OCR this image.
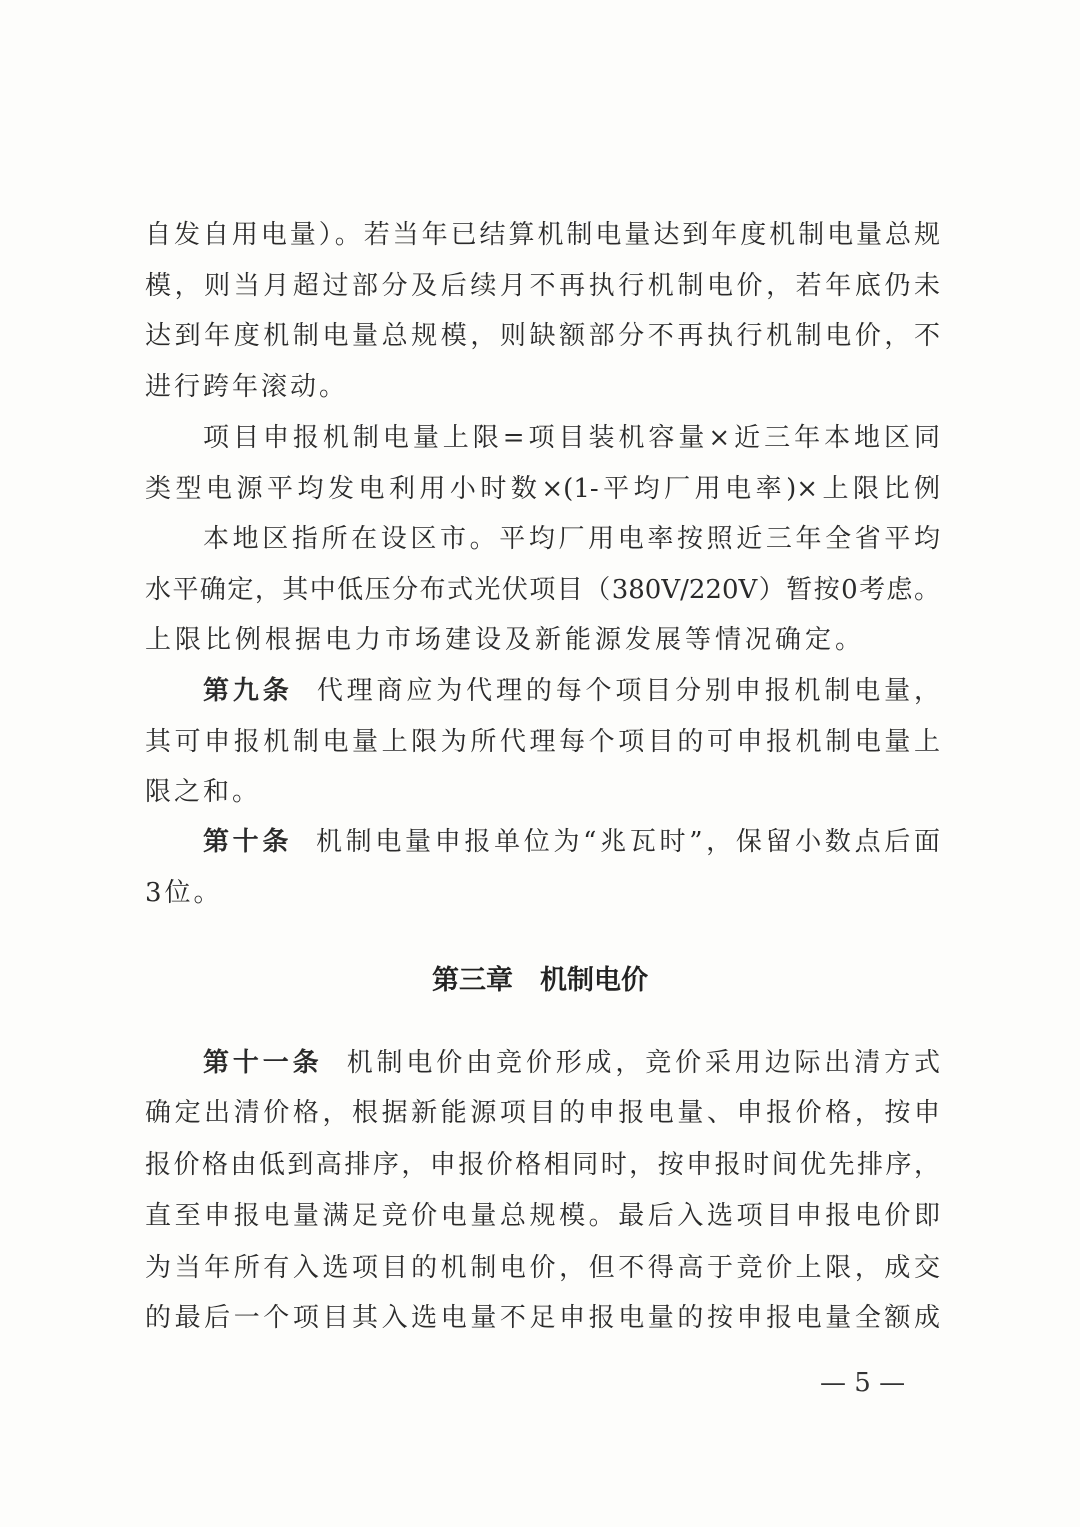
自发自用电量）。若当年已结算机制电量达到年度机制电量总规
模，则当月超过部分及后续月不再执行机制电价，若年底仍未
达到年度机制电量总规模，则缺额部分不再执行机制电价，不
进行跨年滚动。
项目申报机制电量上限=项目装机容量×近三年本地区同
类型电源平均发电利用小时数×(1-平均厂用电率)×上限比例
本地区指所在设区市。平均厂用电率按照近三年全省平均
水平确定，其中低压分布式光伏项目（380V/220V）暂按0考虑。
上限比例根据电力市场建设及新能源发展等情况确定。
第九条 代理商应为代理的每个项目分别申报机制电量，
其可申报机制电量上限为所代理每个项目的可申报机制电量上
限之和。
第十条 机制电量申报单位为“兆瓦时”，保留小数点后面
3位。
第三章　机制电价
第十一条 机制电价由竞价形成，竞价采用边际出清方式
确定出清价格，根据新能源项目的申报电量、申报价格，按申
报价格由低到高排序，申报价格相同时，按申报时间优先排序，
直至申报电量满足竞价电量总规模。最后入选项目申报电价即
为当年所有入选项目的机制电价，但不得高于竞价上限，成交
的最后一个项目其入选电量不足申报电量的按申报电量全额成
— 5 —
